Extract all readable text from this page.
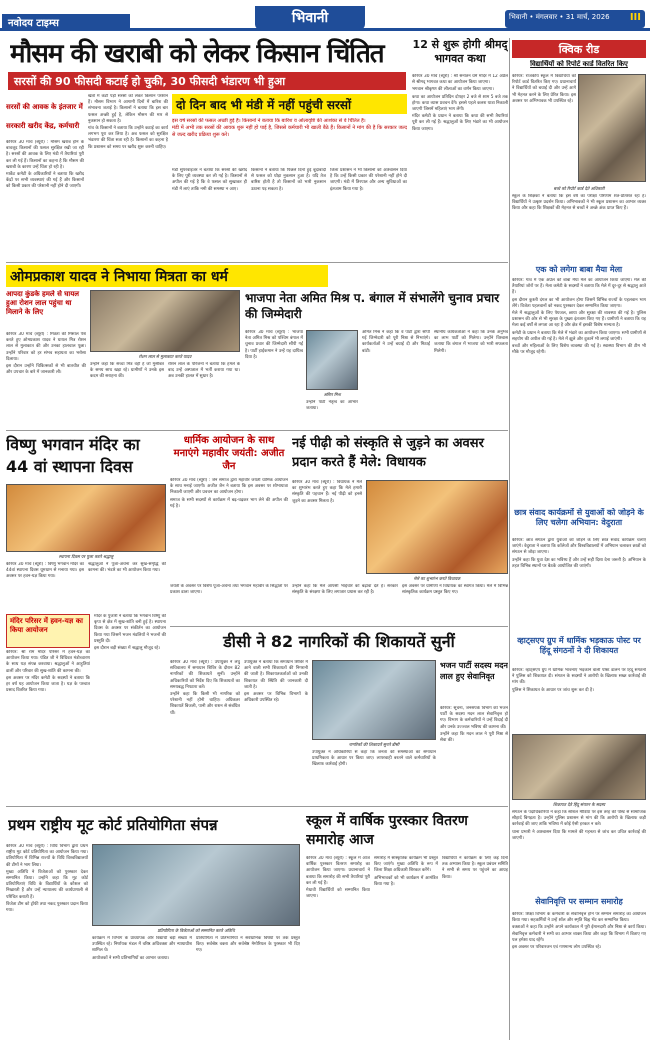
नवोदय टाइम्स	भिवानी	भिवानी • मंगलवार • 31 मार्च, 2026 III
मौसम की खराबी को लेकर किसान चिंतित
सरसों की 90 फीसदी कटाई हो चुकी, 30 फीसदी भंडारण भी हुआ
सरसों की आवक के इंतजार में सरकारी खरीद केंद्र, कर्मचारी

कैरियर 30 मार्च (ब्यूरो) : मौसम खराब होने के बावजूद किसानों की फसल सुरक्षित रखी जा रही है। सरसों की आवक के लिए मंडी में तैयारियां पूरी कर ली गई हैं। किसानों का कहना है कि मौसम की खराबी के कारण उन्हें चिंता हो रही है।

मार्केट कमेटी के अधिकारियों ने बताया कि खरीद केंद्रों पर सभी व्यवस्थाएं की गई हैं और किसानों को किसी प्रकार की परेशानी नहीं होने दी जाएगी।

खेतों में कटी पड़ी सरसों को लेकर किसान परेशान हैं। मौसम विभाग ने आगामी दिनों में बारिश की संभावना जताई है। किसानों ने बताया कि इस बार फसल अच्छी हुई है, लेकिन मौसम की मार से नुकसान हो सकता है।

गांव के किसानों ने बताया कि उन्होंने कटाई का कार्य लगभग पूरा कर लिया है। अब फसल को सुरक्षित भंडारण की चिंता सता रही है। किसानों का कहना है कि प्रशासन को समय पर खरीद शुरू करनी चाहिए।

दो दिन बाद भी मंडी में नहीं पहुंची सरसों

इस वर्ष सरसों की फसल अच्छी हुई है। किसानों ने बताया कि बारिश व ओलावृष्टि की आशंका से वे चिंतित हैं।

मंडी में अभी तक सरसों की आवक शुरू नहीं हो पाई है, जिससे कर्मचारी भी खाली बैठे हैं। किसानों ने मांग की है कि सरकार जल्द से जल्द खरीद प्रक्रिया शुरू करे।

मंडी सुपरवाइजर ने बताया कि सरसों की खरीद के लिए पूरी व्यवस्था कर ली गई है। किसानों से अपील की गई है कि वे फसल को सुखाकर ही मंडी में लाएं ताकि नमी की समस्या न आए।

किसानों ने बताया कि पिछले दिनों हुई बूंदाबांदी से फसल को थोड़ा नुकसान हुआ है। यदि तेज बारिश होती है तो किसानों को भारी नुकसान उठाना पड़ सकता है।

जिला प्रशासन ने भी किसानों को आश्वासन दिया है कि उन्हें किसी प्रकार की परेशानी नहीं होने दी जाएगी। मंडी में तिरपाल और अन्य सुविधाओं का इंतजाम किया गया है।

12 से शुरू होगी श्रीमद् भागवत कथा

कैरियर 30 मार्च (ब्यूरो) : श्री सनातन धर्म मंदिर में 12 अप्रैल से श्रीमद् भागवत कथा का आयोजन किया जाएगा।

भगवान श्रीकृष्ण की लीलाओं का वर्णन किया जाएगा।

कथा का आयोजन प्रतिदिन दोपहर 2 बजे से शाम 5 बजे तक होगा। कथा व्यास प्रवचन देंगे। इससे पहले कलश यात्रा निकाली जाएगी जिसमें महिलाएं भाग लेंगी।

मंदिर कमेटी के प्रधान ने बताया कि कथा की सभी तैयारियां पूरी कर ली गई हैं। श्रद्धालुओं के लिए भंडारे का भी आयोजन किया जाएगा।

क्विक रीड
विद्यार्थियों को रिपोर्ट कार्ड वितरित किए

कैरियर: राजकीय स्कूल में विद्यार्थियों को रिपोर्ट कार्ड वितरित किए गए। प्रधानाचार्य ने विद्यार्थियों को बधाई दी और उन्हें आगे भी मेहनत करने के लिए प्रेरित किया। इस अवसर पर अभिभावक भी उपस्थित रहे।

बच्चे को रिपोर्ट कार्ड देते अधिकारी

स्कूल के शिक्षकों ने बताया कि इस वर्ष का परीक्षा परिणाम शत-प्रतिशत रहा है। विद्यार्थियों ने उत्कृष्ट प्रदर्शन किया। अभिभावकों ने भी स्कूल प्रशासन का आभार व्यक्त किया और कहा कि शिक्षकों की मेहनत से बच्चों ने अच्छे अंक प्राप्त किए हैं।

ओमप्रकाश यादव ने निभाया मित्रता का धर्म
आपदा कुंडके हमले से घायल हुआ रोशन लाल पहुंचा था मिलाने के लिए

कैरियर 30 मार्च (ब्यूरो) : मित्रता की मिसाल पेश करते हुए ओमप्रकाश यादव ने घायल मित्र रोशन लाल से मुलाकात की और उनका हालचाल पूछा। उन्होंने परिवार को हर संभव सहायता का भरोसा दिलाया।

इस दौरान उन्होंने चिकित्सकों से भी बातचीत की और उपचार के बारे में जानकारी ली।

रोशन लाल से मुलाकात करते यादव

उन्होंने कहा कि सच्चा मित्र वही है जो मुसीबत के समय साथ खड़ा रहे। ग्रामीणों ने उनके इस कदम की सराहना की।

रोशन लाल के परिजनों ने बताया कि हमले के बाद उन्हें अस्पताल में भर्ती कराया गया था। अब उनकी हालत में सुधार है।

भाजपा नेता अमित मिश्र प. बंगाल में संभालेंगे चुनाव प्रचार की जिम्मेदारी

कैरियर 30 मार्च (ब्यूरो) : भाजपा नेता अमित मिश्र को पश्चिम बंगाल में चुनाव प्रचार की जिम्मेदारी सौंपी गई है। पार्टी हाईकमान ने उन्हें यह दायित्व दिया है।

अमित मिश्र

उन्होंने पार्टी नेतृत्व का आभार जताया।

अमित मिश्र ने कहा कि वे पार्टी द्वारा सौंपी गई जिम्मेदारी को पूरी निष्ठा से निभाएंगे। कार्यकर्ताओं ने उन्हें बधाई दी और मिठाई बांटी।

स्थानीय कार्यकर्ताओं ने कहा कि उनके अनुभव का लाभ पार्टी को मिलेगा। उन्होंने विश्वास जताया कि बंगाल में भाजपा को भारी सफलता मिलेगी।

एक को लगेगा बाबा मैया मेला

कैरियर: गांव में एक अप्रैल को बाबा मैया मेले का आयोजन किया जाएगा। मेले की तैयारियां जोरों पर हैं। मेला कमेटी के सदस्यों ने बताया कि मेले में दूर-दूर से श्रद्धालु आते हैं।

इस दौरान कुश्ती दंगल का भी आयोजन होगा जिसमें विभिन्न राज्यों के पहलवान भाग लेंगे। विजेता पहलवानों को नकद पुरस्कार देकर सम्मानित किया जाएगा।

मेले में श्रद्धालुओं के लिए पेयजल, छाया और सुरक्षा की व्यवस्था की गई है। पुलिस प्रशासन की ओर से भी सुरक्षा के पुख्ता इंतजाम किए गए हैं। ग्रामीणों ने बताया कि यह मेला कई वर्षों से लगता आ रहा है और क्षेत्र में इसकी विशेष मान्यता है।

कमेटी के प्रधान ने बताया कि मेले में भंडारे का आयोजन किया जाएगा। सभी ग्रामीणों से सहयोग की अपील की गई है। मेले में झूले और दुकानें भी लगाई जाएंगी।

बच्चों और महिलाओं के लिए विशेष व्यवस्था की गई है। स्वास्थ्य विभाग की टीम भी मौके पर मौजूद रहेगी।

विष्णु भगवान मंदिर का 44 वां स्थापना दिवस
स्थापना दिवस पर पूजा करते श्रद्धालु

कैरियर 30 मार्च (ब्यूरो) : विष्णु भगवान मंदिर का 44वां स्थापना दिवस धूमधाम से मनाया गया। इस अवसर पर हवन-यज्ञ किया गया।

श्रद्धालुओं ने पूजा-अर्चना कर सुख-समृद्धि की कामना की। भंडारे का भी आयोजन किया गया।

मंदिर परिसर में हवन-यज्ञ का किया आयोजन

कैरियर: श्री राम मंदिर परिसर में हवन-यज्ञ का आयोजन किया गया। पंडित जी ने विधिवत मंत्रोच्चारण के साथ यज्ञ संपन्न करवाया। श्रद्धालुओं ने आहुतियां डालीं और परिवार की सुख-शांति की कामना की।

इस अवसर पर मंदिर कमेटी के सदस्यों ने बताया कि हर वर्ष यह आयोजन किया जाता है। यज्ञ के पश्चात प्रसाद वितरित किया गया।

मंदिर के पुजारी ने बताया कि भगवान विष्णु की कृपा से क्षेत्र में सुख-शांति बनी हुई है। स्थापना दिवस के अवसर पर संकीर्तन का आयोजन किया गया जिसमें भजन मंडलियों ने भजनों की प्रस्तुति दी।

इस दौरान बड़ी संख्या में श्रद्धालु मौजूद रहे।

धार्मिक आयोजन के साथ मनाएंगे महावीर जयंती: अजीत जैन

कैरियर 30 मार्च (ब्यूरो) : जैन समाज द्वारा महावीर जयंती धार्मिक आयोजन के साथ मनाई जाएगी। अजीत जैन ने बताया कि इस अवसर पर शोभायात्रा निकाली जाएगी और प्रवचन का आयोजन होगा।

समाज के सभी सदस्यों से कार्यक्रम में बढ़-चढ़कर भाग लेने की अपील की गई है।

नई पीढ़ी को संस्कृति से जुड़ने का अवसर प्रदान करते हैं मेले: विधायक

कैरियर 30 मार्च (ब्यूरो) : विधायक ने मेले का शुभारंभ करते हुए कहा कि मेले हमारी संस्कृति की पहचान हैं। नई पीढ़ी को इनसे जुड़ने का अवसर मिलता है।

मेले का शुभारंभ करते विधायक

जयंती के अवसर पर विशेष पूजा-अर्चना तथा भगवान महावीर के सिद्धांतों पर प्रकाश डाला जाएगा।

उन्होंने कहा कि मेले आपसी भाईचारे को बढ़ावा देते हैं। सरकार संस्कृति के संरक्षण के लिए लगातार प्रयास कर रही है।

इस अवसर पर ग्रामीणों ने विधायक का स्वागत किया। मेले में विभिन्न सांस्कृतिक कार्यक्रम प्रस्तुत किए गए।

छात्र संवाद कार्यक्रमों से युवाओं को जोड़ने के लिए चलेगा अभियान: वेदुराता

कैरियर: छात्र संगठन द्वारा युवाओं को जोड़ने के लिए छात्र संवाद कार्यक्रम चलाए जाएंगे। वेदुराता ने बताया कि कॉलेजों और विश्वविद्यालयों में अभियान चलाकर छात्रों को संगठन से जोड़ा जाएगा।

उन्होंने कहा कि युवा देश का भविष्य हैं और उन्हें सही दिशा देना जरूरी है। अभियान के तहत विभिन्न स्थानों पर बैठकें आयोजित की जाएंगी।

डीसी ने 82 नागरिकों की शिकायतें सुनीं

कैरियर 30 मार्च (ब्यूरो) : उपायुक्त ने लघु सचिवालय में समाधान शिविर के दौरान 82 नागरिकों की शिकायतें सुनीं। उन्होंने अधिकारियों को निर्देश दिए कि शिकायतों का समयबद्ध निपटारा करें।

उन्होंने कहा कि किसी भी नागरिक को परेशानी नहीं होनी चाहिए। अधिकतर शिकायतें बिजली, पानी और राशन से संबंधित थीं।

उपायुक्त ने बताया कि समाधान शिविर में आने वाली सभी शिकायतों की निगरानी की जाती है। शिकायतकर्ताओं को उनकी शिकायत की स्थिति की जानकारी दी जाती है।

इस अवसर पर विभिन्न विभागों के अधिकारी उपस्थित रहे।

नागरिकों की शिकायतें सुनते डीसी

उपायुक्त ने अधिकारियों से कहा कि जनता की समस्याओं का समाधान प्राथमिकता के आधार पर किया जाए। लापरवाही बरतने वाले कर्मचारियों के खिलाफ कार्रवाई होगी।

भजन पार्टी सदस्य मदन लाल हुए सेवानिवृत

कैरियर: सूचना, जनसंपर्क विभाग की भजन पार्टी के सदस्य मदन लाल सेवानिवृत्त हो गए। विभाग के कर्मचारियों ने उन्हें विदाई दी और उनके उज्ज्वल भविष्य की कामना की।

उन्होंने कहा कि मदन लाल ने पूरी निष्ठा से सेवा की।

व्हाट्सएप ग्रुप में धार्मिक भड़काऊ पोस्ट पर हिंदू संगठनों ने दी शिकायत

कैरियर: व्हाट्सएप ग्रुप में धार्मिक भावनाएं भड़काने वाली पोस्ट डालने पर हिंदू संगठनों ने पुलिस को शिकायत दी। संगठन के सदस्यों ने आरोपी के खिलाफ सख्त कार्रवाई की मांग की।

पुलिस ने शिकायत के आधार पर जांच शुरू कर दी है।

शिकायत देते हिंदू संगठन के सदस्य

संगठन के पदाधिकारियों ने कहा कि सोशल मीडिया पर इस तरह की पोस्ट से सामाजिक सौहार्द बिगड़ता है। उन्होंने पुलिस प्रशासन से मांग की कि आरोपी के खिलाफ कड़ी कार्रवाई की जाए ताकि भविष्य में कोई ऐसी हरकत न करे।

थाना प्रभारी ने आश्वासन दिया कि मामले की गहनता से जांच कर उचित कार्रवाई की जाएगी।

प्रथम राष्ट्रीय मूट कोर्ट प्रतियोगिता संपन्न

कैरियर 30 मार्च (ब्यूरो) : विधि विभाग द्वारा प्रथम राष्ट्रीय मूट कोर्ट प्रतियोगिता का आयोजन किया गया। प्रतियोगिता में विभिन्न राज्यों के विधि विश्वविद्यालयों की टीमों ने भाग लिया।

मुख्य अतिथि ने विजेताओं को पुरस्कार देकर सम्मानित किया। उन्होंने कहा कि मूट कोर्ट प्रतियोगिताएं विधि के विद्यार्थियों के कौशल को निखारती हैं और उन्हें न्यायालय की कार्यप्रणाली से परिचित कराती हैं।

विजेता टीम को ट्रॉफी तथा नकद पुरस्कार प्रदान किया गया।

प्रतियोगिता के विजेताओं को सम्मानित करते अतिथि

कार्यक्रम में विभाग के प्राध्यापक और विद्यार्थी बड़ी संख्या में उपस्थित रहे। निर्णायक मंडल में वरिष्ठ अधिवक्ता और न्यायाधीश शामिल थे।

आयोजकों ने सभी प्रतिभागियों का आभार जताया।

प्रतियोगिता में प्रतिभागियों ने संवैधानिक विषयों पर तर्क प्रस्तुत किए। सर्वश्रेष्ठ वक्ता और सर्वश्रेष्ठ मेमोरियल के पुरस्कार भी दिए गए।

स्कूल में वार्षिक पुरस्कार वितरण समारोह आज

कैरियर 30 मार्च (ब्यूरो) : स्कूल में आज वार्षिक पुरस्कार वितरण समारोह का आयोजन किया जाएगा। प्रधानाचार्य ने बताया कि समारोह की सभी तैयारियां पूरी कर ली गई हैं।

मेधावी विद्यार्थियों को सम्मानित किया जाएगा।

समारोह में सांस्कृतिक कार्यक्रम भी प्रस्तुत किए जाएंगे। मुख्य अतिथि के रूप में जिला शिक्षा अधिकारी शिरकत करेंगे।

अभिभावकों को भी कार्यक्रम में आमंत्रित किया गया है।

विद्यार्थियों ने कार्यक्रम के लिए कई दिनों तक अभ्यास किया है। स्कूल प्रबंधन समिति ने सभी से समय पर पहुंचने का आग्रह किया।

सेवानिवृत्ति पर सम्मान समारोह

कैरियर: शिक्षा विभाग के कर्मचारी के सेवानिवृत्त होने पर सम्मान समारोह का आयोजन किया गया। सहकर्मियों ने उन्हें शॉल और स्मृति चिह्न भेंट कर सम्मानित किया।

वक्ताओं ने कहा कि उन्होंने अपने कार्यकाल में पूरी ईमानदारी और निष्ठा से कार्य किया। सेवानिवृत्त कर्मचारी ने सभी का आभार व्यक्त किया और कहा कि विभाग में बिताए गए पल हमेशा याद रहेंगे।

इस अवसर पर परिवारजन एवं गणमान्य लोग उपस्थित रहे।
